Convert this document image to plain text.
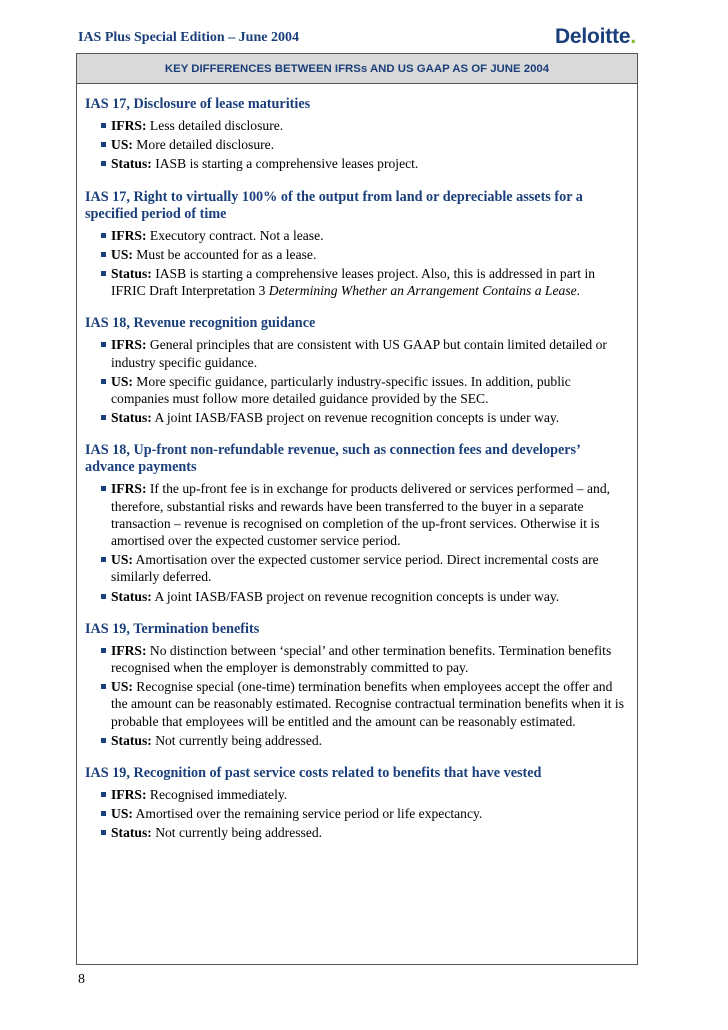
IAS Plus Special Edition – June 2004	Deloitte.
KEY DIFFERENCES BETWEEN IFRSs AND US GAAP AS OF JUNE 2004
IAS 17, Disclosure of lease maturities
IFRS: Less detailed disclosure.
US: More detailed disclosure.
Status: IASB is starting a comprehensive leases project.
IAS 17, Right to virtually 100% of the output from land or depreciable assets for a specified period of time
IFRS: Executory contract. Not a lease.
US: Must be accounted for as a lease.
Status: IASB is starting a comprehensive leases project. Also, this is addressed in part in IFRIC Draft Interpretation 3 Determining Whether an Arrangement Contains a Lease.
IAS 18, Revenue recognition guidance
IFRS: General principles that are consistent with US GAAP but contain limited detailed or industry specific guidance.
US: More specific guidance, particularly industry-specific issues. In addition, public companies must follow more detailed guidance provided by the SEC.
Status: A joint IASB/FASB project on revenue recognition concepts is under way.
IAS 18, Up-front non-refundable revenue, such as connection fees and developers’ advance payments
IFRS: If the up-front fee is in exchange for products delivered or services performed – and, therefore, substantial risks and rewards have been transferred to the buyer in a separate transaction – revenue is recognised on completion of the up-front services. Otherwise it is amortised over the expected customer service period.
US: Amortisation over the expected customer service period. Direct incremental costs are similarly deferred.
Status: A joint IASB/FASB project on revenue recognition concepts is under way.
IAS 19, Termination benefits
IFRS: No distinction between ‘special’ and other termination benefits. Termination benefits recognised when the employer is demonstrably committed to pay.
US: Recognise special (one-time) termination benefits when employees accept the offer and the amount can be reasonably estimated. Recognise contractual termination benefits when it is probable that employees will be entitled and the amount can be reasonably estimated.
Status: Not currently being addressed.
IAS 19, Recognition of past service costs related to benefits that have vested
IFRS: Recognised immediately.
US: Amortised over the remaining service period or life expectancy.
Status: Not currently being addressed.
8
